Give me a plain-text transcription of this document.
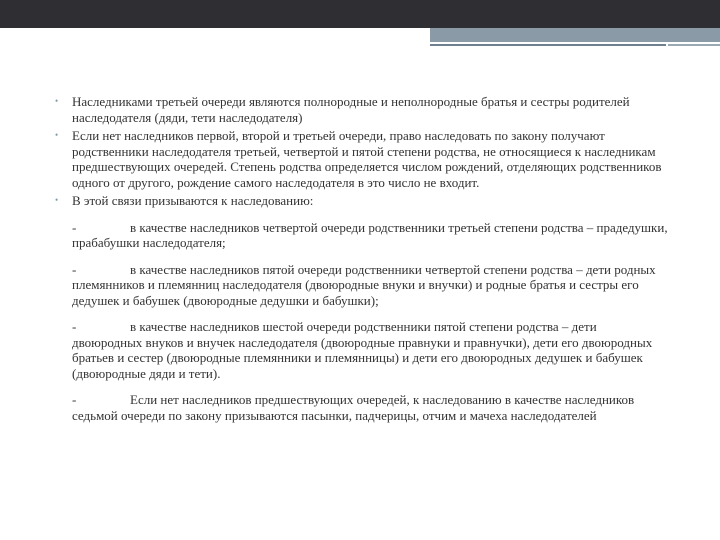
• Наследниками третьей очереди являются полнородные и неполнородные братья и сестры родителей наследодателя (дяди, тети наследодателя)
• Если нет наследников первой, второй и третьей очереди, право наследовать по закону получают родственники наследодателя третьей, четвертой и пятой степени родства, не относящиеся к наследникам предшествующих очередей. Степень родства определяется числом рождений, отделяющих родственников одного от другого, рождение самого наследодателя в это число не входит.
• В этой связи призываются к наследованию:
-	в качестве наследников четвертой очереди родственники третьей степени родства – прадедушки, прабабушки наследодателя;
-	в качестве наследников пятой очереди родственники четвертой степени родства – дети родных племянников и племянниц наследодателя (двоюродные внуки и внучки) и родные братья и сестры его дедушек и бабушек (двоюродные дедушки и бабушки);
-	в качестве наследников шестой очереди родственники пятой степени родства – дети двоюродных внуков и внучек наследодателя (двоюродные правнуки и правнучки), дети его двоюродных братьев и сестер (двоюродные племянники и племянницы) и дети его двоюродных дедушек и бабушек (двоюродные дяди и тети).
-	Если нет наследников предшествующих очередей, к наследованию в качестве наследников седьмой очереди по закону призываются пасынки, падчерицы, отчим и мачеха наследодателей
